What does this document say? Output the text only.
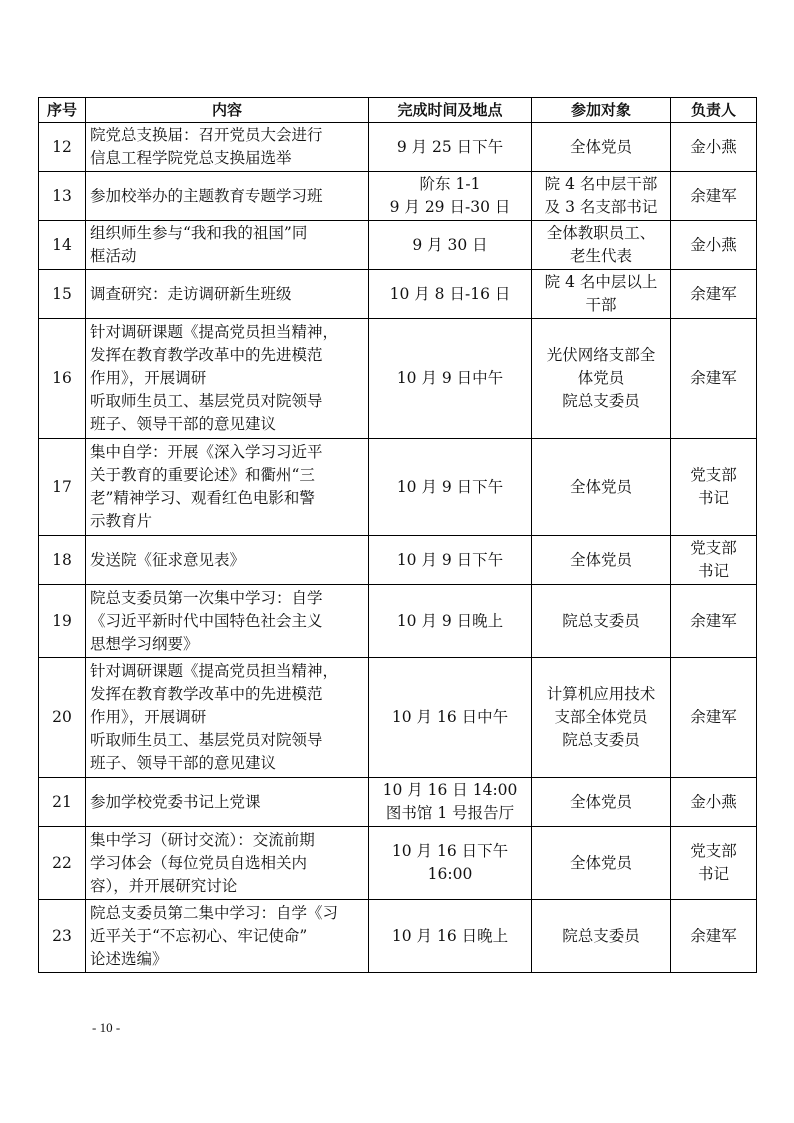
序号	内容	完成时间及地点	参加对象	负责人
12	院党总支换届：召开党员大会进行
信息工程学院党总支换届选举	9 月 25 日下午	全体党员	金小燕

13	参加校举办的主题教育专题学习班	阶东 1-1
9 月 29 日-30 日	院 4 名中层干部
及 3 名支部书记	余建军

14	组织师生参与“我和我的祖国”同
框活动	9 月 30 日	全体教职员工、
老生代表	金小燕

15	调查研究：走访调研新生班级	10 月 8 日-16 日	院 4 名中层以上
干部	余建军

16	针对调研课题《提高党员担当精神，
发挥在教育教学改革中的先进模范
作用》，开展调研
听取师生员工、基层党员对院领导
班子、领导干部的意见建议	10 月 9 日中午	光伏网络支部全
体党员
院总支委员	余建军

17	集中自学：开展《深入学习习近平
关于教育的重要论述》和衢州“三
老”精神学习、观看红色电影和警
示教育片	10 月 9 日下午	全体党员	党支部
书记

18	发送院《征求意见表》	10 月 9 日下午	全体党员	党支部
书记

19	院总支委员第一次集中学习：自学
《习近平新时代中国特色社会主义
思想学习纲要》	10 月 9 日晚上	院总支委员	余建军

20	针对调研课题《提高党员担当精神，
发挥在教育教学改革中的先进模范
作用》，开展调研
听取师生员工、基层党员对院领导
班子、领导干部的意见建议	10 月 16 日中午	计算机应用技术
支部全体党员
院总支委员	余建军

21	参加学校党委书记上党课	10 月 16 日 14:00
图书馆 1 号报告厅	全体党员	金小燕

22	集中学习（研讨交流）：交流前期
学习体会（每位党员自选相关内
容），并开展研究讨论	10 月 16 日下午
16:00	全体党员	党支部
书记

23	院总支委员第二集中学习：自学《习
近平关于“不忘初心、牢记使命”
论述选编》	10 月 16 日晚上	院总支委员	余建军
- 10 -
